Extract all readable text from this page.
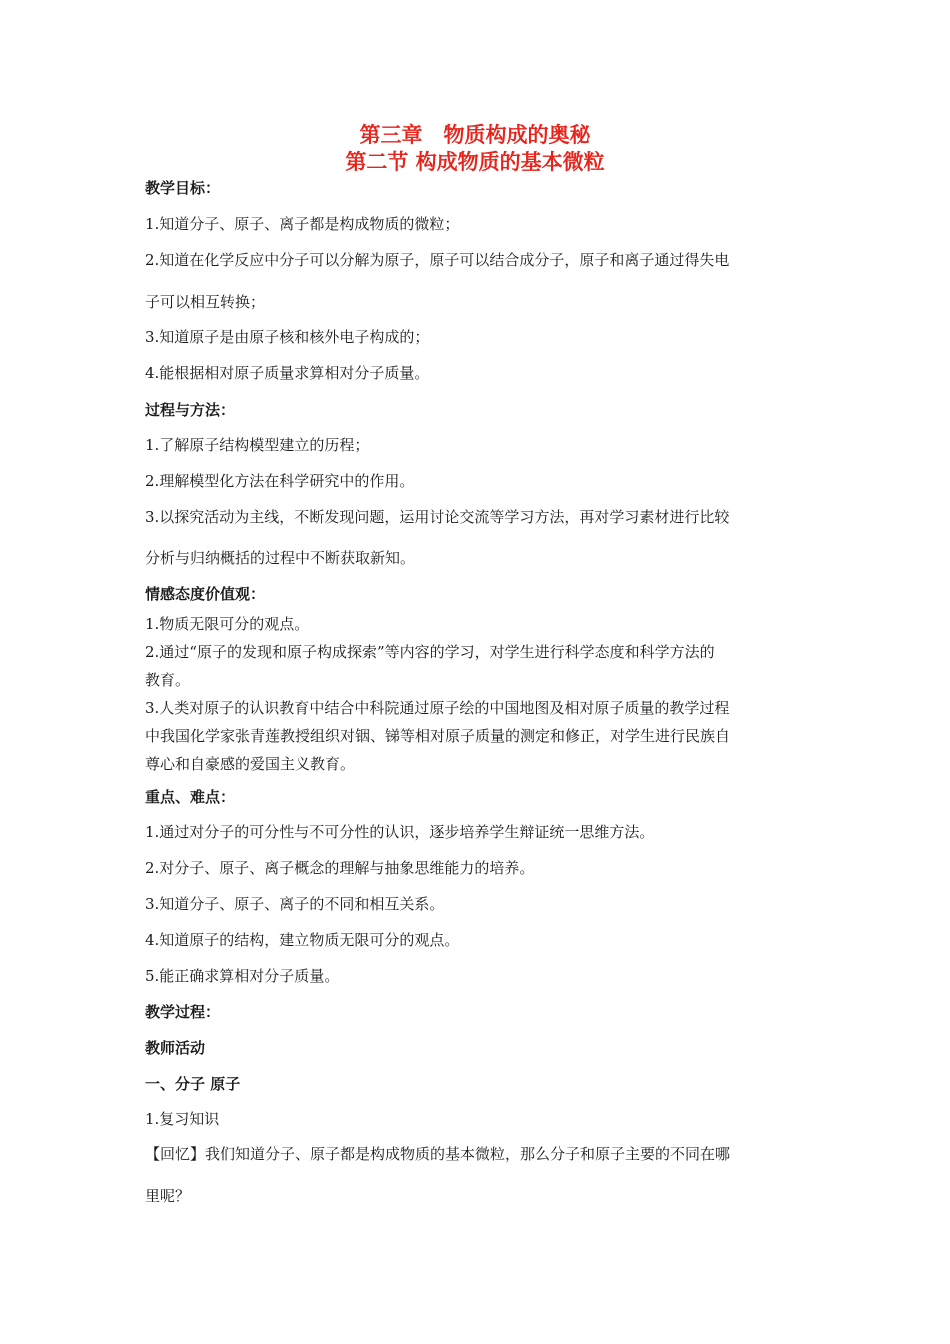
第三章　物质构成的奥秘
第二节 构成物质的基本微粒
教学目标：
1.知道分子、原子、离子都是构成物质的微粒；
2.知道在化学反应中分子可以分解为原子，原子可以结合成分子，原子和离子通过得失电
子可以相互转换；
3.知道原子是由原子核和核外电子构成的；
4.能根据相对原子质量求算相对分子质量。
过程与方法：
1.了解原子结构模型建立的历程；
2.理解模型化方法在科学研究中的作用。
3.以探究活动为主线，不断发现问题，运用讨论交流等学习方法，再对学习素材进行比较
分析与归纳概括的过程中不断获取新知。
情感态度价值观：
1.物质无限可分的观点。
2.通过“原子的发现和原子构成探索”等内容的学习，对学生进行科学态度和科学方法的
教育。
3.人类对原子的认识教育中结合中科院通过原子绘的中国地图及相对原子质量的教学过程
中我国化学家张青莲教授组织对铟、锑等相对原子质量的测定和修正，对学生进行民族自
尊心和自豪感的爱国主义教育。
重点、难点：
1.通过对分子的可分性与不可分性的认识，逐步培养学生辩证统一思维方法。
2.对分子、原子、离子概念的理解与抽象思维能力的培养。
3.知道分子、原子、离子的不同和相互关系。
4.知道原子的结构，建立物质无限可分的观点。
5.能正确求算相对分子质量。
教学过程：
教师活动
一、分子 原子
1.复习知识
【回忆】我们知道分子、原子都是构成物质的基本微粒，那么分子和原子主要的不同在哪
里呢？
